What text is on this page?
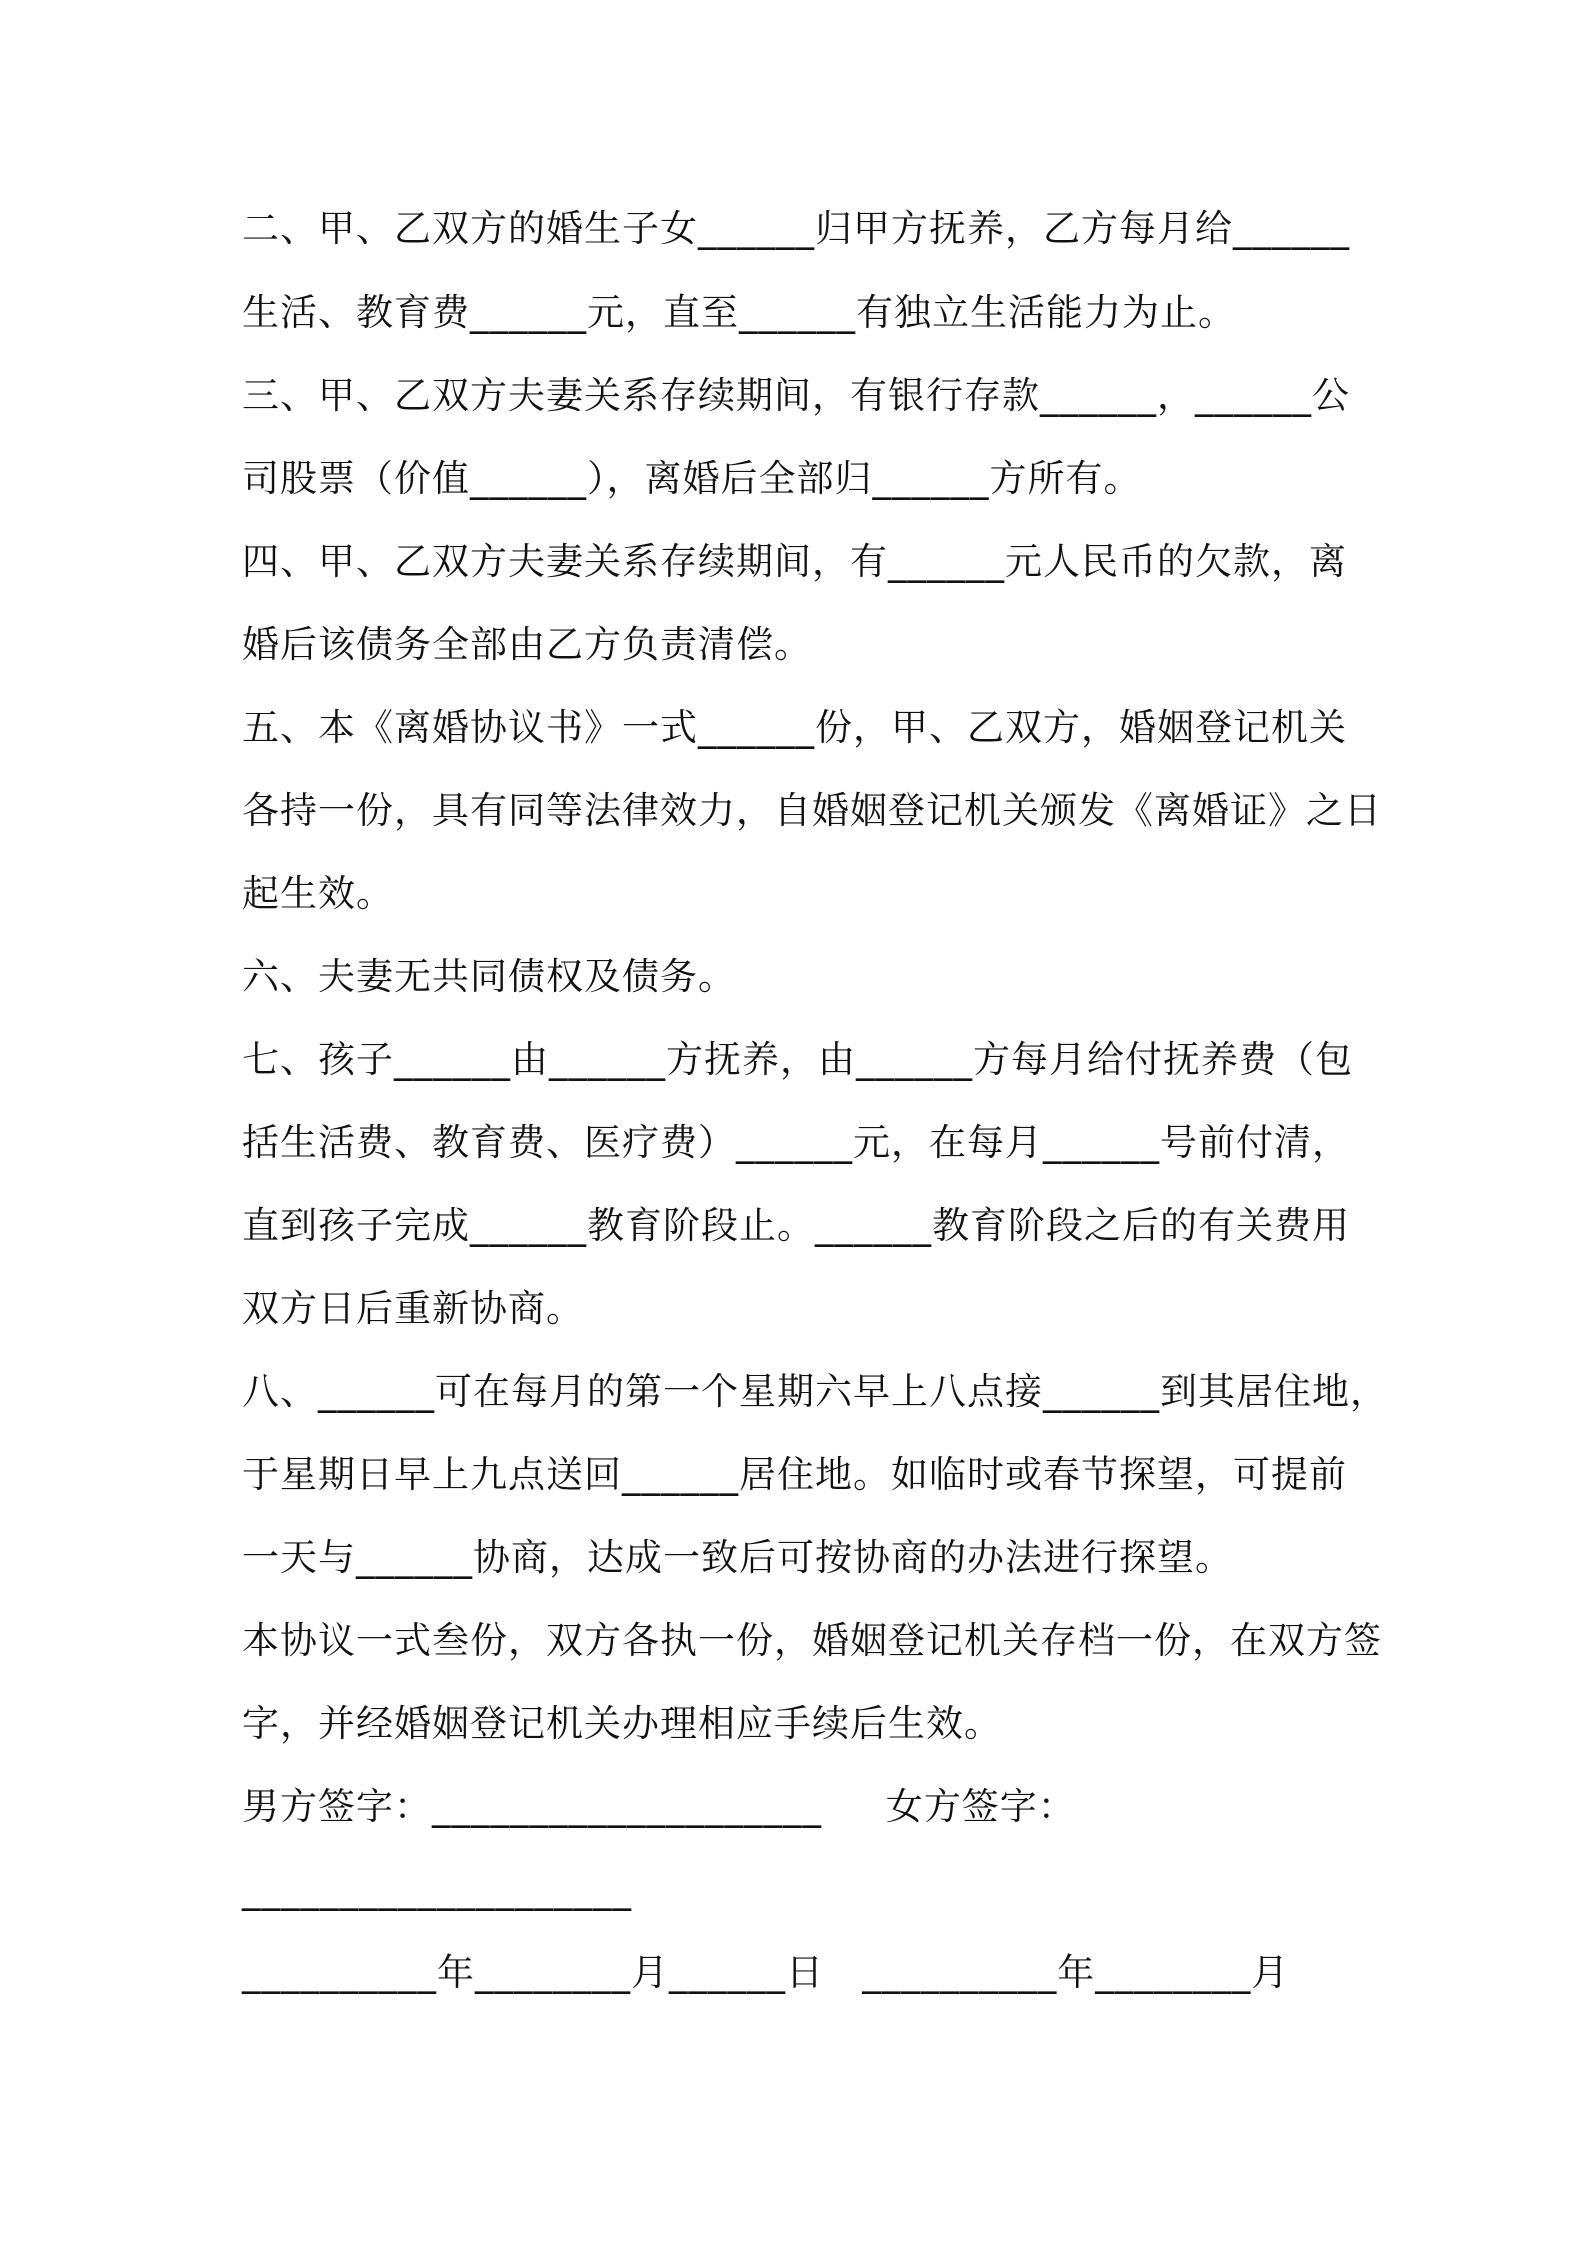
二、甲、乙双方的婚生子女______归甲方抚养，乙方每月给______
生活、教育费______元，直至______有独立生活能力为止。
三、甲、乙双方夫妻关系存续期间，有银行存款______，______公
司股票（价值______），离婚后全部归______方所有。
四、甲、乙双方夫妻关系存续期间，有______元人民币的欠款，离
婚后该债务全部由乙方负责清偿。
五、本《离婚协议书》一式______份，甲、乙双方，婚姻登记机关
各持一份，具有同等法律效力，自婚姻登记机关颁发《离婚证》之日
起生效。
六、夫妻无共同债权及债务。
七、孩子______由______方抚养，由______方每月给付抚养费（包
括生活费、教育费、医疗费）______元，在每月______号前付清，
直到孩子完成______教育阶段止。______教育阶段之后的有关费用
双方日后重新协商。
八、______可在每月的第一个星期六早上八点接______到其居住地，
于星期日早上九点送回______居住地。如临时或春节探望，可提前
一天与______协商，达成一致后可按协商的办法进行探望。
本协议一式叁份，双方各执一份，婚姻登记机关存档一份，在双方签
字，并经婚姻登记机关办理相应手续后生效。
男方签字：____________________     女方签字：
____________________
__________年________月______日   __________年________月
